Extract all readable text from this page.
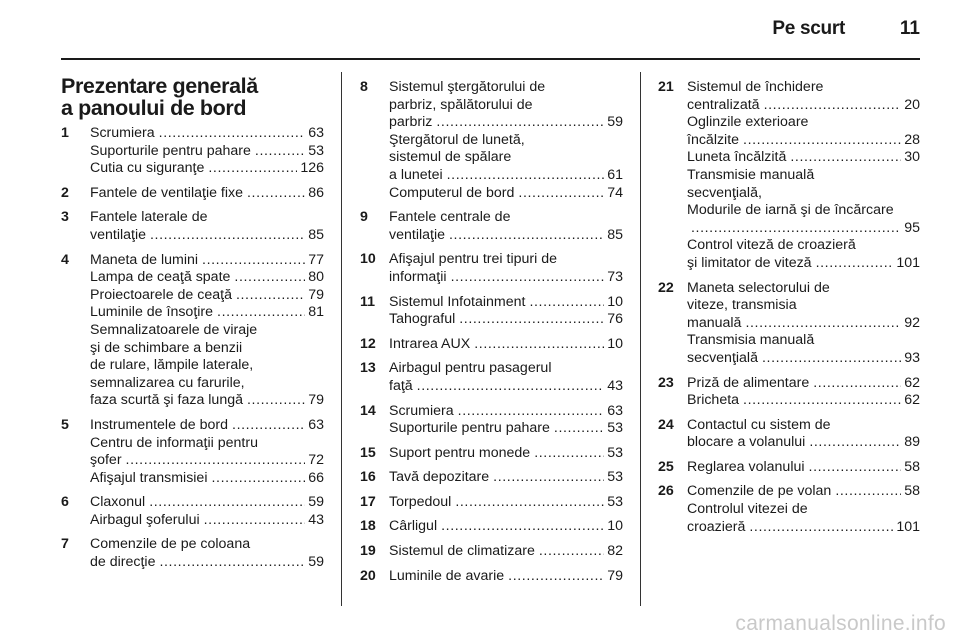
Pe scurt	11
Prezentare generală
a panoului de bord
1	Scrumiera .....	63
Suporturile pentru pahare .....	53
Cutia cu siguranţe .....	126
2	Fantele de ventilaţie fixe .....	86
3	Fantele laterale de
ventilaţie .....	85
4	Maneta de lumini .....	77
Lampa de ceaţă spate .....	80
Proiectoarele de ceaţă .....	79
Luminile de însoţire .....	81
Semnalizatoarele de viraje
şi de schimbare a benzii
de rulare, lămpile laterale,
semnalizarea cu farurile,
faza scurtă şi faza lungă .....	79
5	Instrumentele de bord .....	63
Centru de informaţii pentru
şofer .....	72
Afişajul transmisiei .....	66
6	Claxonul .....	59
Airbagul şoferului .....	43
7	Comenzile de pe coloana
de direcţie .....	59
8	Sistemul ştergătorului de
parbriz, spălătorului de
parbriz .....	59
Ştergătorul de lunetă,
sistemul de spălare
a lunetei .....	61
Computerul de bord .....	74
9	Fantele centrale de
ventilaţie .....	85
10 Afişajul pentru trei tipuri de
informaţii .....	73
11 Sistemul Infotainment .....	10
Tahograful .....	76
12 Intrarea AUX .....	10
13 Airbagul pentru pasagerul
faţă .....	43
14 Scrumiera .....	63
Suporturile pentru pahare .....	53
15 Suport pentru monede .....	53
16 Tavă depozitare .....	53
17 Torpedoul .....	53
18 Cârligul .....	10
19 Sistemul de climatizare .....	82
20 Luminile de avarie .....	79
21 Sistemul de închidere
centralizată .....	20
Oglinzile exterioare
încălzite .....	28
Luneta încălzită .....	30
Transmisie manuală
secvenţială,
Modurile de iarnă şi de încărcare
.....
95
Control viteză de croazieră
şi limitator de viteză .....	101
22 Maneta selectorului de
viteze, transmisia
manuală .....	92
Transmisia manuală
secvenţială .....	93
23 Priză de alimentare .....	62
Bricheta .....	62
24 Contactul cu sistem de
blocare a volanului .....	89
25 Reglarea volanului .....	58
26 Comenzile de pe volan .....	58
Controlul vitezei de
croazieră .....	101
carmanualsonline.info
